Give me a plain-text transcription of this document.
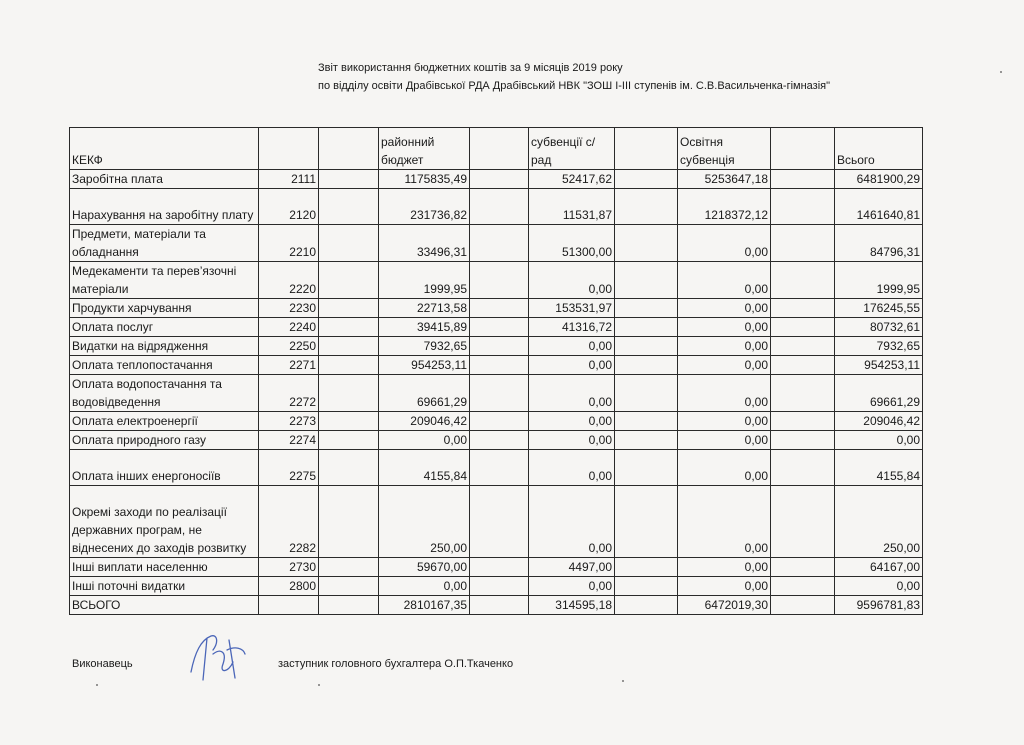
Звіт використання бюджетних коштів за 9 місяців 2019 року
по відділу освіти Драбівської РДА Драбівський НВК "ЗОШ І-ІІІ ступенів ім. С.В.Васильченка-гімназія"
КЕКФ			районний бюджет		субвенції с/рад		Освітня субвенція		Всього
Заробітна плата	2111		1175835,49		52417,62		5253647,18		6481900,29
Нарахування на заробітну плату	2120		231736,82		11531,87		1218372,12		1461640,81
Предмети, матеріали та обладнання	2210		33496,31		51300,00		0,00		84796,31
Медекаменти та перев’язочні матеріали	2220		1999,95		0,00		0,00		1999,95
Продукти харчування	2230		22713,58		153531,97		0,00		176245,55
Оплата послуг	2240		39415,89		41316,72		0,00		80732,61
Видатки на відрядження	2250		7932,65		0,00		0,00		7932,65
Оплата теплопостачання	2271		954253,11		0,00		0,00		954253,11
Оплата водопостачання та водовідведення	2272		69661,29		0,00		0,00		69661,29
Оплата електроенергії	2273		209046,42		0,00		0,00		209046,42
Оплата природного газу	2274		0,00		0,00		0,00		0,00
Оплата інших енергоносіїв	2275		4155,84		0,00		0,00		4155,84
Окремі заходи по реалізації державних програм, не віднесених до заходів розвитку	2282		250,00		0,00		0,00		250,00
Інші виплати населенню	2730		59670,00		4497,00		0,00		64167,00
Інші поточні видатки	2800		0,00		0,00		0,00		0,00
ВСЬОГО			2810167,35		314595,18		6472019,30		9596781,83
Виконавець	заступник головного бухгалтера О.П.Ткаченко
